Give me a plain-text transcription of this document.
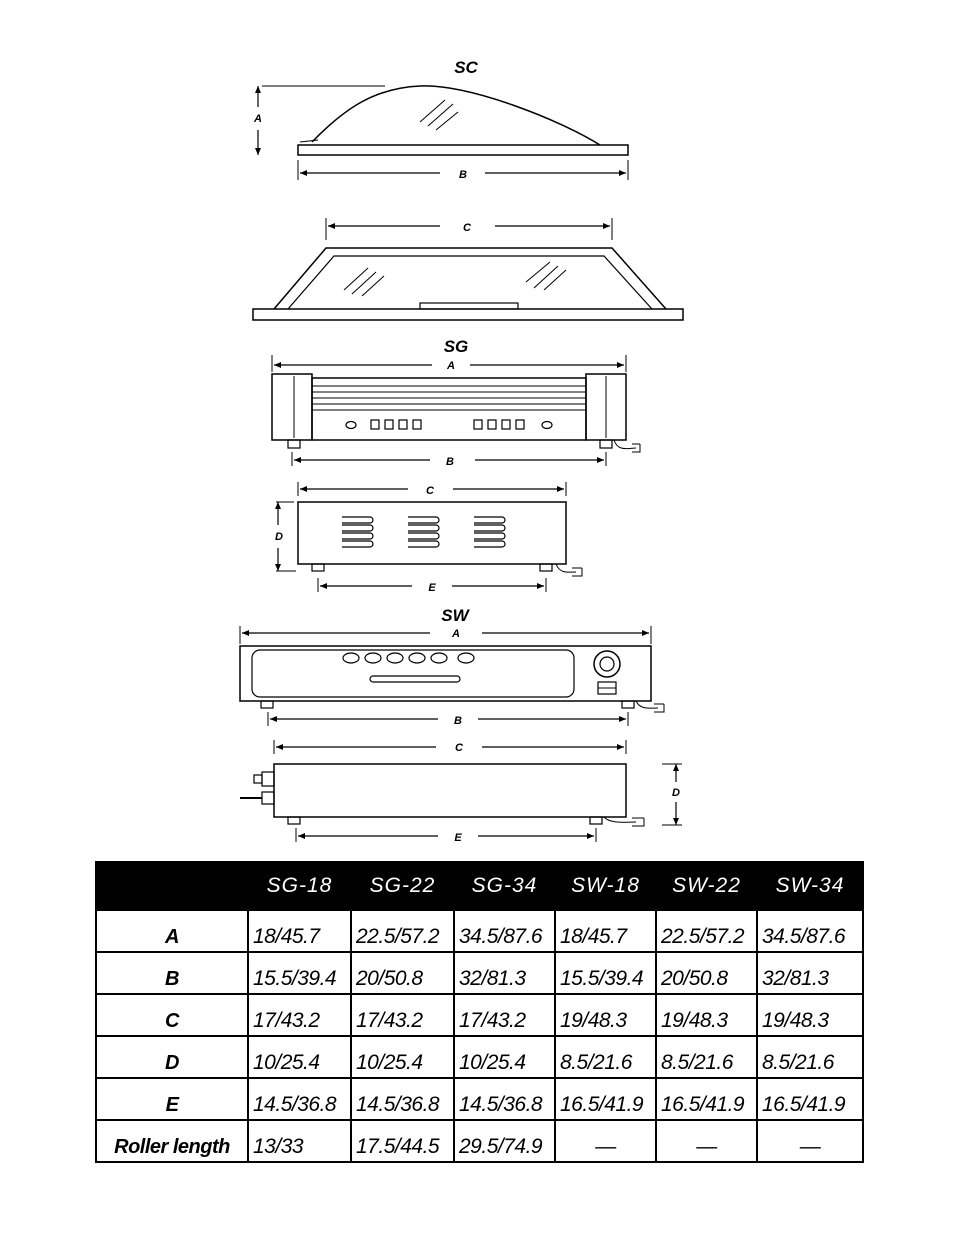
SC
A
B
C
SG
A
B
C
D
E
SW
A
B
C
D
E
	SG-18	SG-22	SG-34	SW-18	SW-22	SW-34
A	18/45.7	22.5/57.2	34.5/87.6	18/45.7	22.5/57.2	34.5/87.6
B	15.5/39.4	20/50.8	32/81.3	15.5/39.4	20/50.8	32/81.3
C	17/43.2	17/43.2	17/43.2	19/48.3	19/48.3	19/48.3
D	10/25.4	10/25.4	10/25.4	8.5/21.6	8.5/21.6	8.5/21.6
E	14.5/36.8	14.5/36.8	14.5/36.8	16.5/41.9	16.5/41.9	16.5/41.9
Roller length	13/33	17.5/44.5	29.5/74.9	—	—	—
